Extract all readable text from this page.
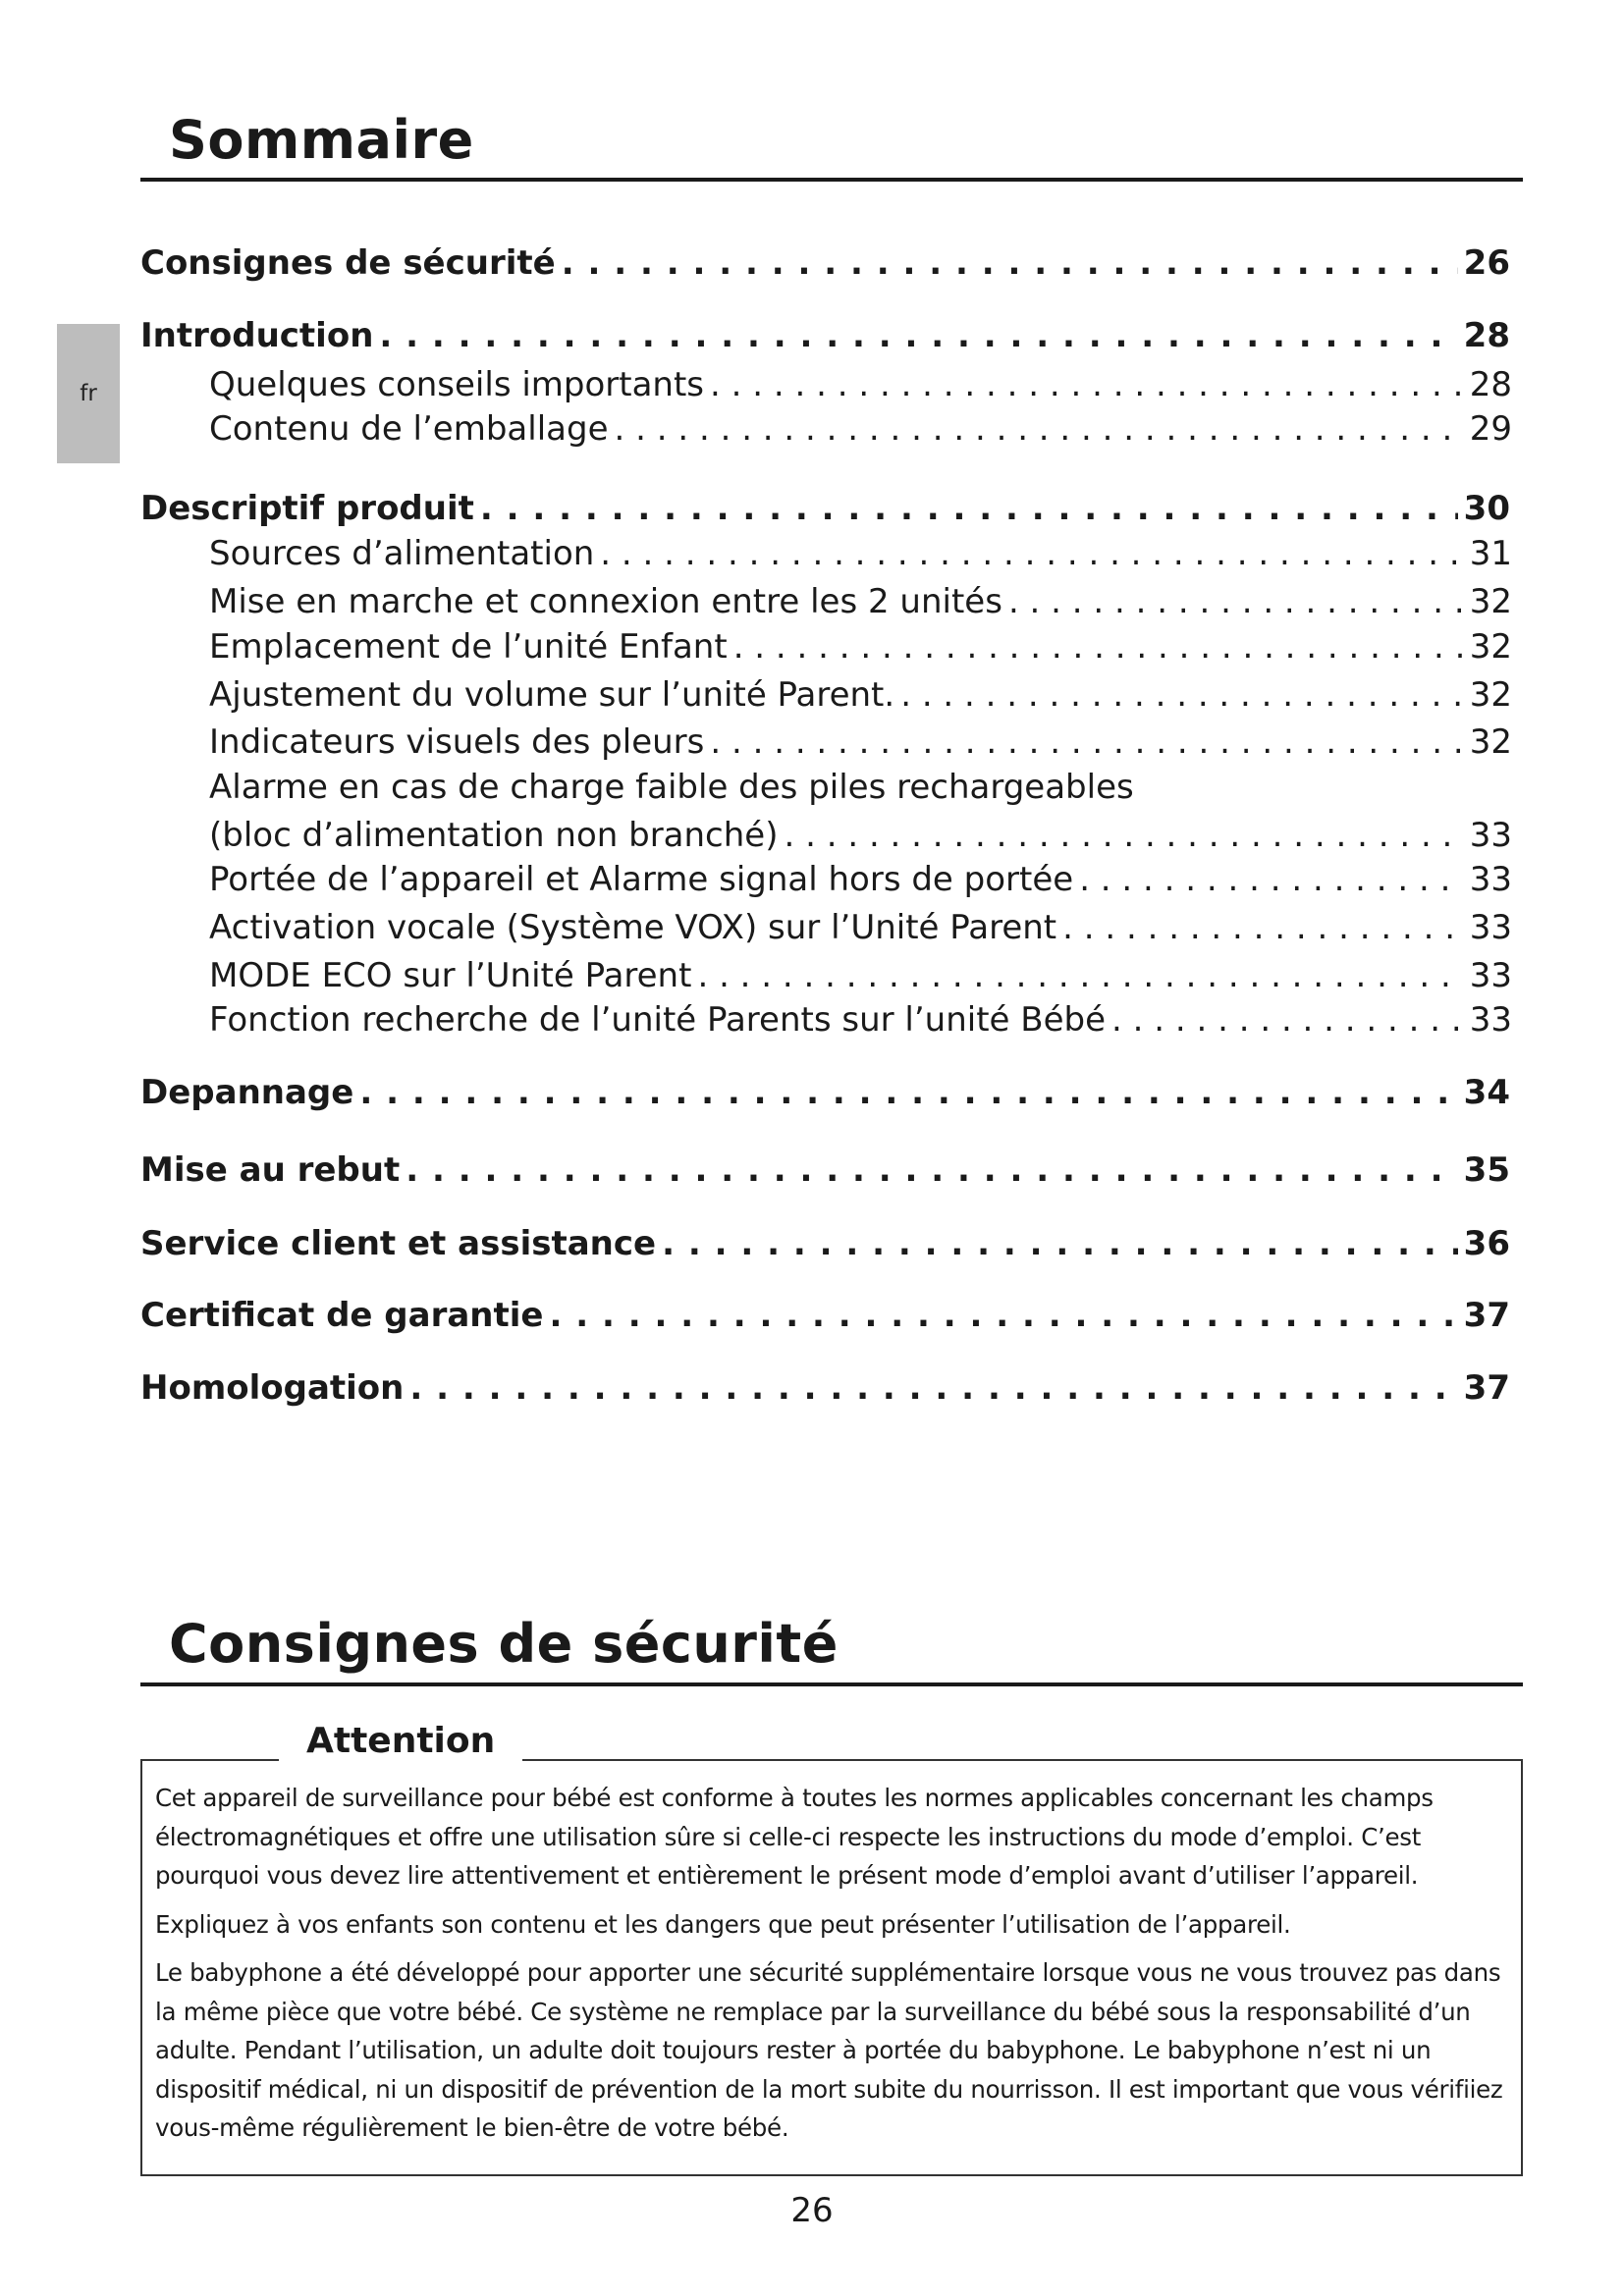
fr
Sommaire
Consignes de sécurité . . .	26
Introduction . . .	28
Quelques conseils importants . . .	28
Contenu de l’emballage . . .	29
Descriptif produit . . .	30
Sources d’alimentation . . .	31
Mise en marche et connexion entre les 2 unités . . .	32
Emplacement de l’unité Enfant . . .	32
Ajustement du volume sur l’unité Parent. . . .	32
Indicateurs visuels des pleurs . . .	32
Alarme en cas de charge faible des piles rechargeables
(bloc d’alimentation non branché) . . .	33
Portée de l’appareil et Alarme signal hors de portée . . .	33
Activation vocale (Système VOX) sur l’Unité Parent . . .	33
MODE ECO sur l’Unité Parent . . .	33
Fonction recherche de l’unité Parents sur l’unité Bébé . . .	33
Depannage . . .	34
Mise au rebut . . .	35
Service client et assistance . . .	36
Certificat de garantie . . .	37
Homologation . . .	37
Consignes de sécurité
Attention

Cet appareil de surveillance pour bébé est conforme à toutes les normes applicables concernant les champs électromagnétiques et offre une utilisation sûre si celle-ci respecte les instructions du mode d’emploi. C’est pourquoi vous devez lire attentivement et entièrement le présent mode d’emploi avant d’utiliser l’appareil.

Expliquez à vos enfants son contenu et les dangers que peut présenter l’utilisation de l’appareil.

Le babyphone a été développé pour apporter une sécurité supplémentaire lorsque vous ne vous trouvez pas dans la même pièce que votre bébé. Ce système ne remplace par la surveillance du bébé sous la responsabilité d’un adulte. Pendant l’utilisation, un adulte doit toujours rester à portée du babyphone. Le babyphone n’est ni un dispositif médical, ni un dispositif de prévention de la mort subite du nourrisson. Il est important que vous vérifiiez vous-même régulièrement le bien-être de votre bébé.

26
